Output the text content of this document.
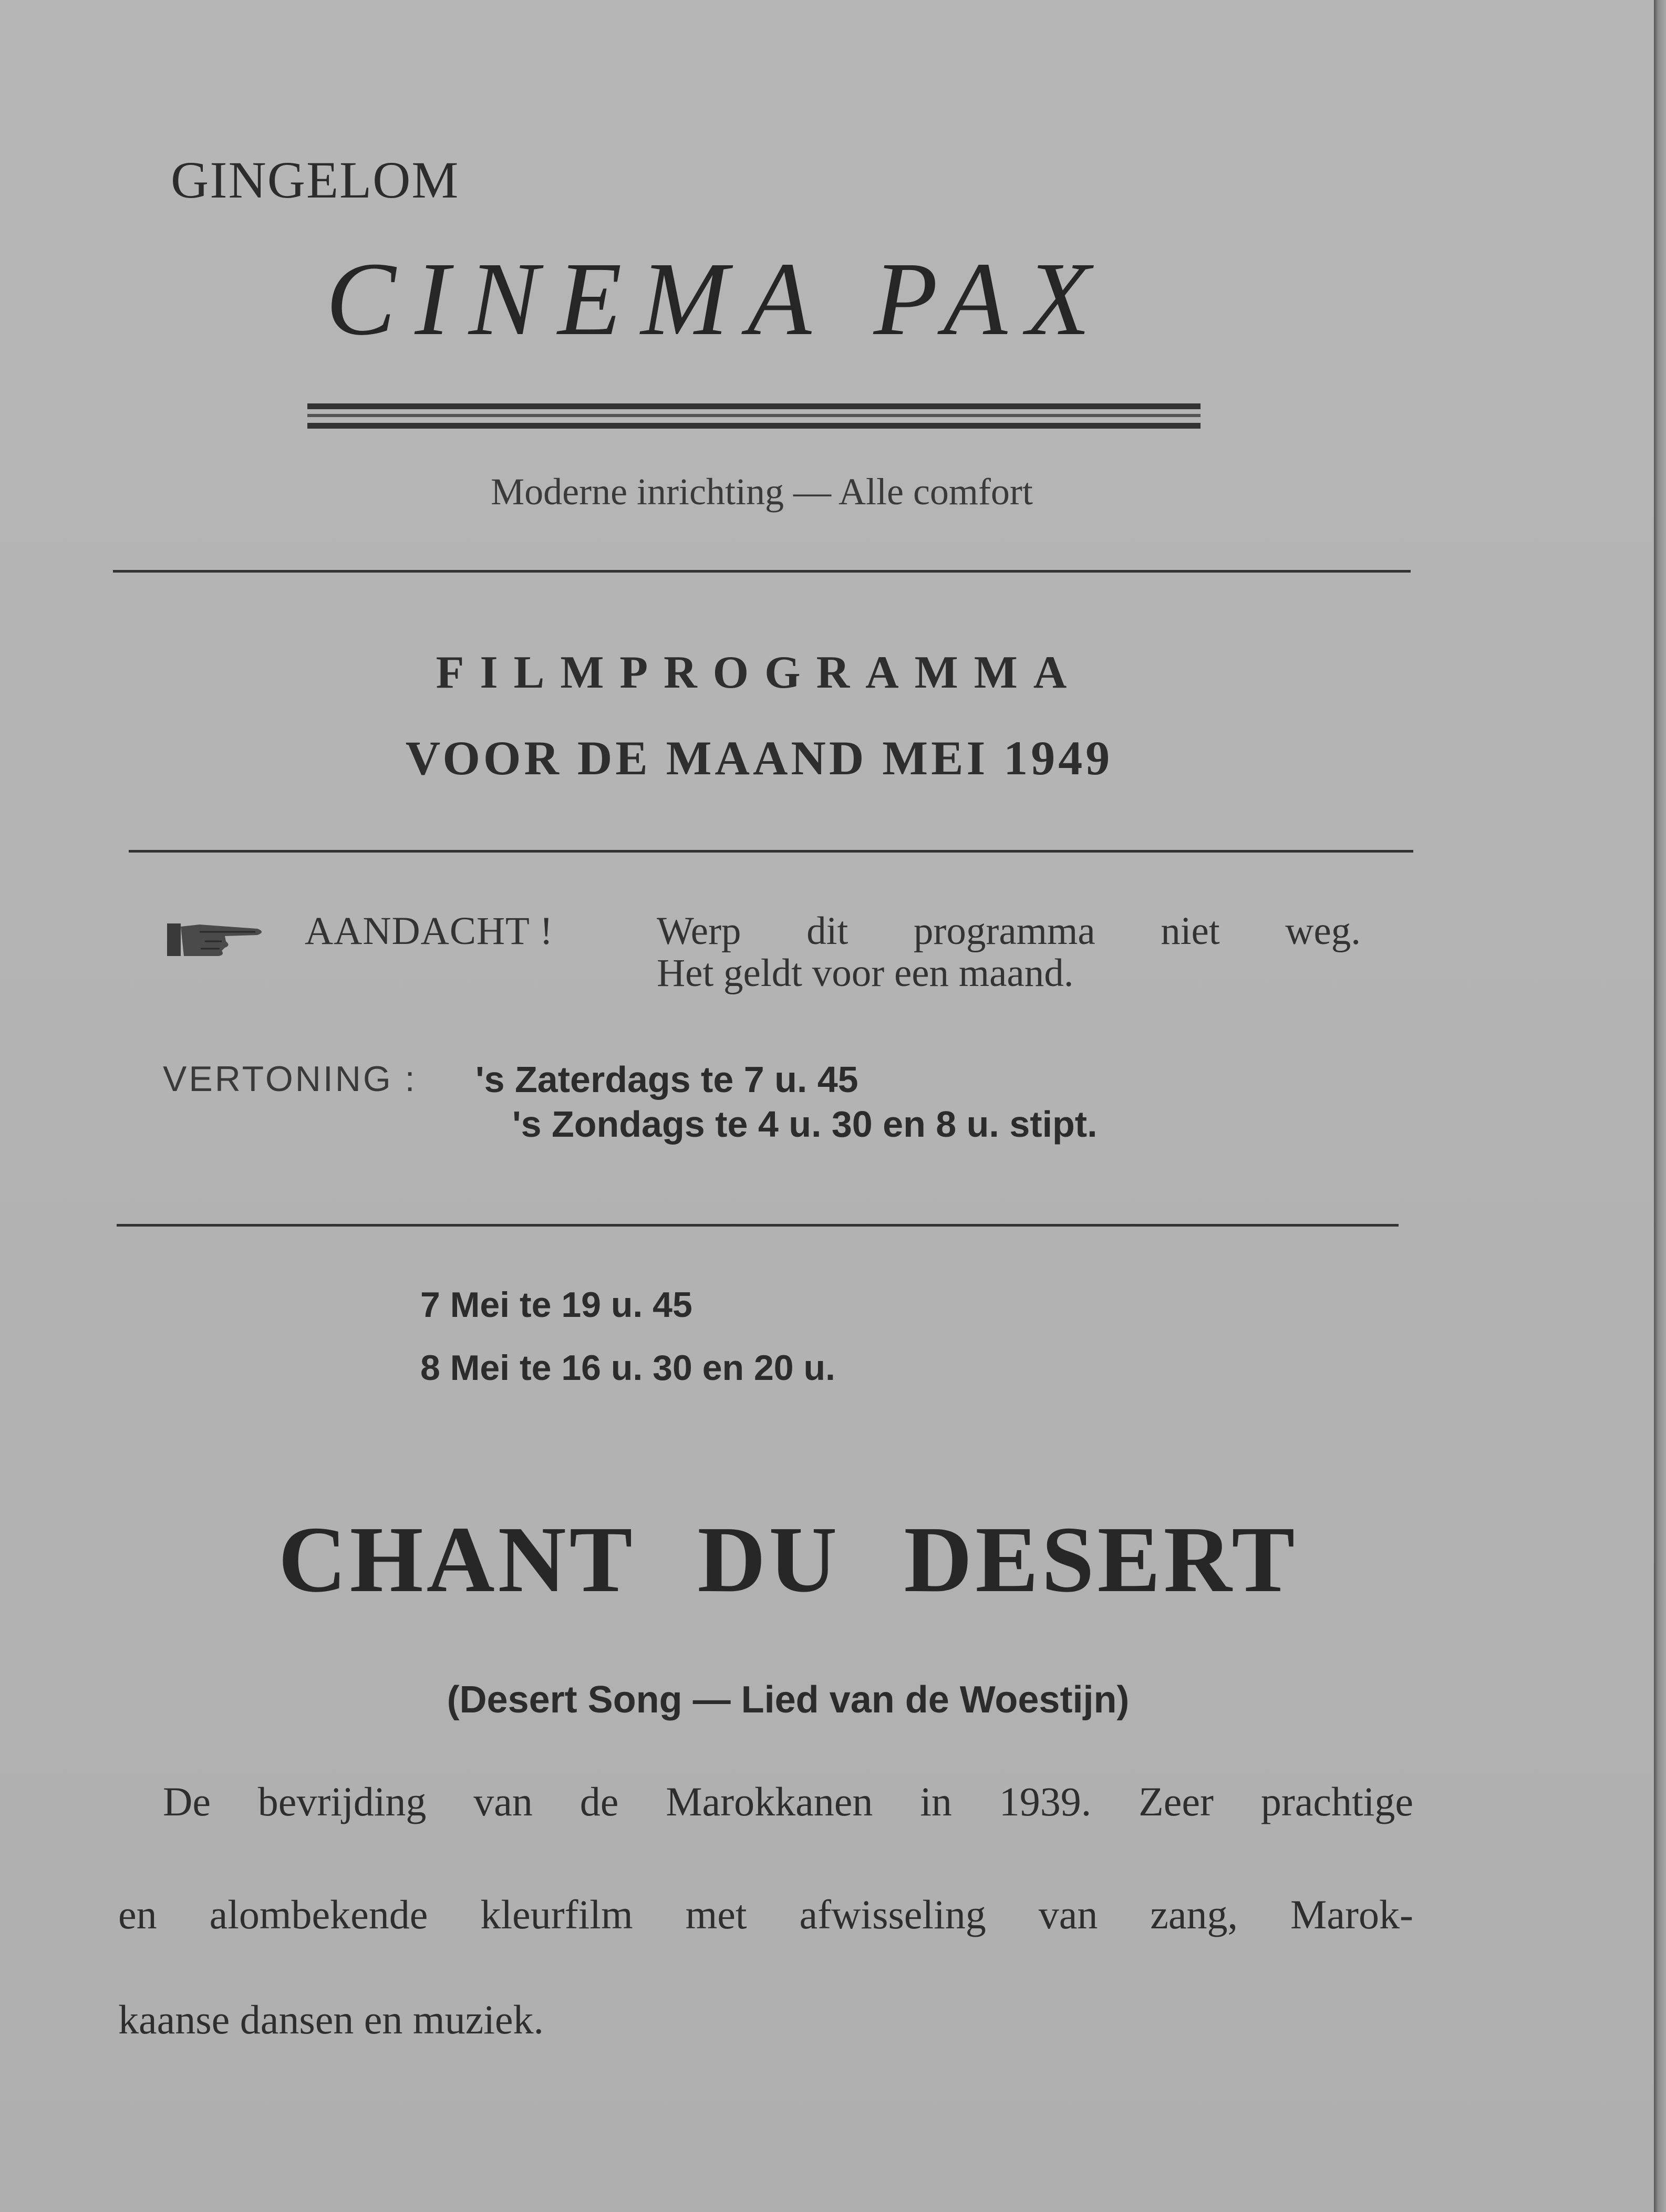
GINGELOM
CINEMA PAX
Moderne inrichting — Alle comfort
FILMPROGRAMMA
VOOR DE MAAND MEI 1949
AANDACHT !	Werp dit programma niet weg.
Het geldt voor een maand.
VERTONING : 's Zaterdags te 7 u. 45
's Zondags te 4 u. 30 en 8 u. stipt.
7 Mei te 19 u. 45
8 Mei te 16 u. 30 en 20 u.
CHANT DU DESERT
(Desert Song — Lied van de Woestijn)
De bevrijding van de Marokkanen in 1939. Zeer prachtige
en alombekende kleurfilm met afwisseling van zang, Marok-
kaanse dansen en muziek.
